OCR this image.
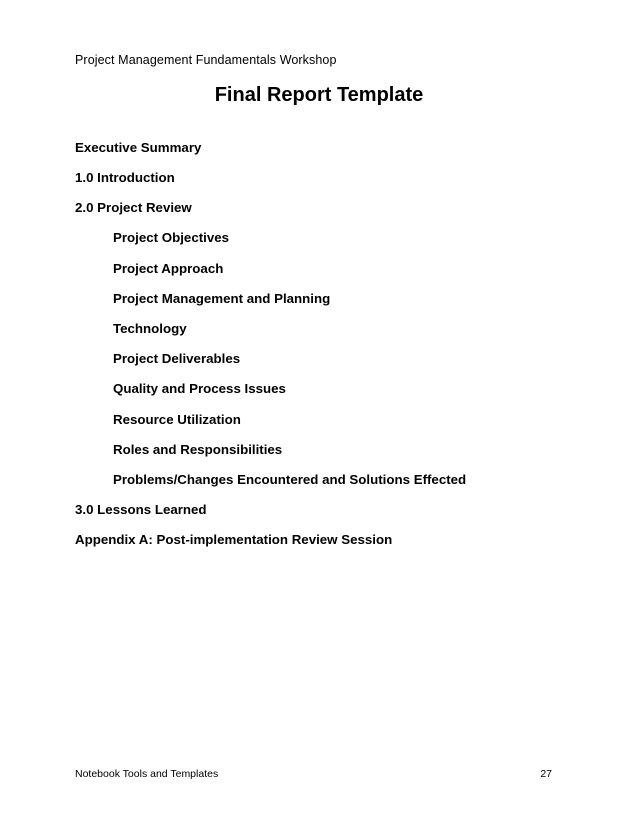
Project Management Fundamentals Workshop
Final Report Template
Executive Summary
1.0 Introduction
2.0 Project Review
Project Objectives
Project Approach
Project Management and Planning
Technology
Project Deliverables
Quality and Process Issues
Resource Utilization
Roles and Responsibilities
Problems/Changes Encountered and Solutions Effected
3.0 Lessons Learned
Appendix A: Post-implementation Review Session
Notebook Tools and Templates	27
